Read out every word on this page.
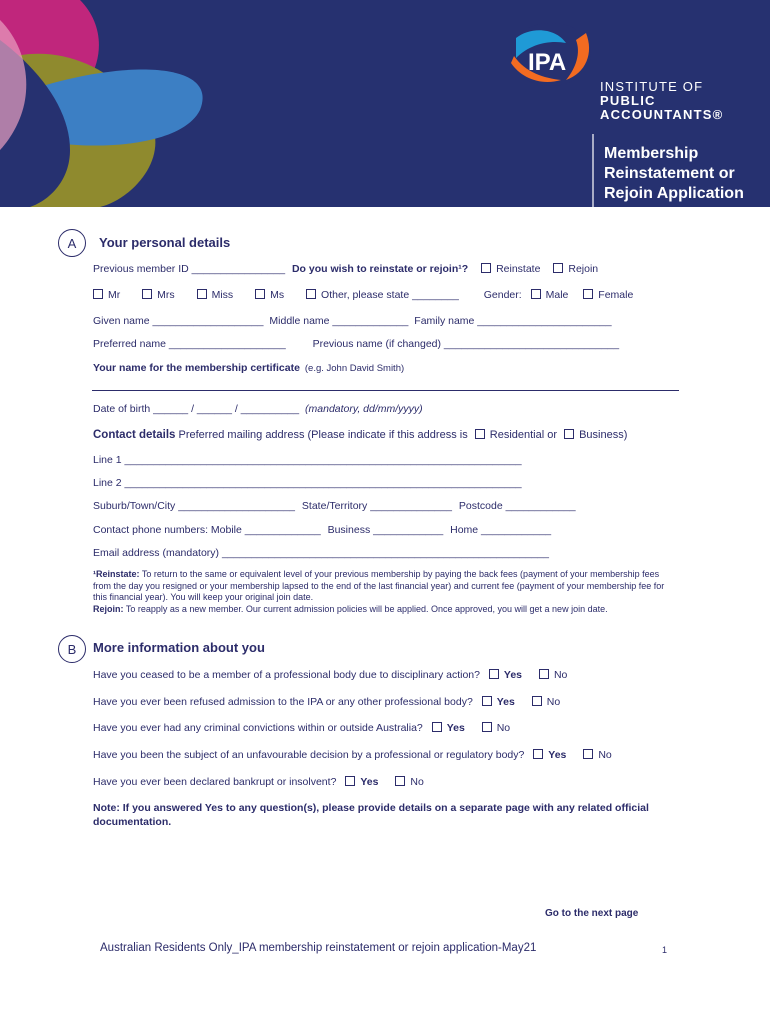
IPA
INSTITUTE OF
PUBLIC
ACCOUNTANTS®
Membership
Reinstatement or
Rejoin Application
A	Your personal details
Previous member ID ________________ Do you wish to reinstate or rejoin¹?	Reinstate	Rejoin
Mr	Mrs	Miss	Ms	Other, please state ________ Gender: Male	Female
Given name ___________________ Middle name _____________ Family name _______________________
Preferred name ____________________	Previous name (if changed) ______________________________
Your name for the membership certificate (e.g. John David Smith)
Date of birth ______ / ______ / __________ (mandatory, dd/mm/yyyy)
Contact details Preferred mailing address (Please indicate if this address is Residential or Business)
Line 1 ____________________________________________________________________
Line 2 ____________________________________________________________________
Suburb/Town/City ____________________ State/Territory ______________ Postcode ____________
Contact phone numbers: Mobile _____________ Business ____________ Home ____________
Email address (mandatory) ________________________________________________________
¹Reinstate: To return to the same or equivalent level of your previous membership by paying the back fees (payment of your membership fees from the day you resigned or your membership lapsed to the end of the last financial year) and current fee (payment of your membership fee for this financial year). You will keep your original join date.
Rejoin: To reapply as a new member. Our current admission policies will be applied. Once approved, you will get a new join date.
B	More information about you
Have you ceased to be a member of a professional body due to disciplinary action? Yes	No
Have you ever been refused admission to the IPA or any other professional body? Yes	No
Have you ever had any criminal convictions within or outside Australia? Yes	No
Have you been the subject of an unfavourable decision by a professional or regulatory body? Yes	No
Have you ever been declared bankrupt or insolvent? Yes	No
Note: If you answered Yes to any question(s), please provide details on a separate page with any related official documentation.
Go to the next page
Australian Residents Only_IPA membership reinstatement or rejoin application-May21	1
